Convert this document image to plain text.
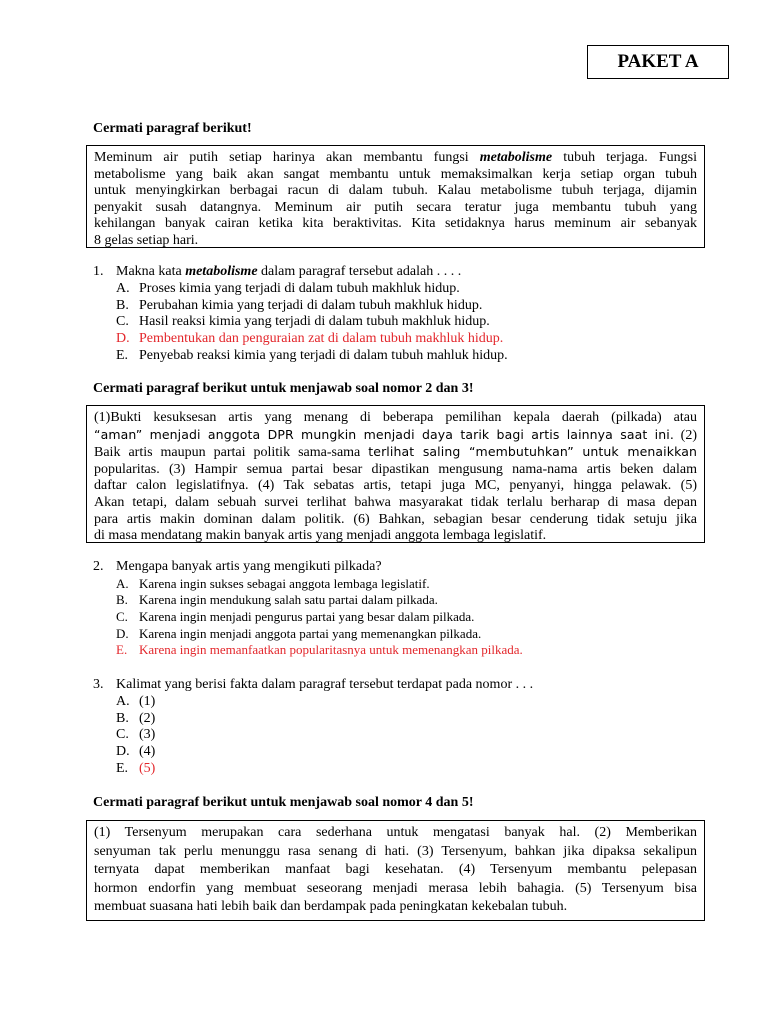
PAKET A
Cermati paragraf berikut!
Meminum air putih setiap harinya akan membantu fungsi metabolisme tubuh terjaga. Fungsi
metabolisme yang baik akan sangat membantu untuk memaksimalkan kerja setiap organ tubuh
untuk menyingkirkan berbagai racun di dalam tubuh. Kalau metabolisme tubuh terjaga, dijamin
penyakit susah datangnya. Meminum air putih secara teratur juga membantu tubuh yang
kehilangan banyak cairan ketika kita beraktivitas. Kita setidaknya harus meminum air sebanyak
8 gelas setiap hari.
1. Makna kata metabolisme dalam paragraf tersebut adalah . . . .
A. Proses kimia yang terjadi di dalam tubuh makhluk hidup.
B. Perubahan kimia yang terjadi di dalam tubuh makhluk hidup.
C. Hasil reaksi kimia yang terjadi di dalam tubuh makhluk hidup.
D. Pembentukan dan penguraian zat di dalam tubuh makhluk hidup.
E. Penyebab reaksi kimia yang terjadi di dalam tubuh mahluk hidup.
Cermati paragraf berikut untuk menjawab soal nomor 2 dan 3!
(1)Bukti kesuksesan artis yang menang di beberapa pemilihan kepala daerah (pilkada) atau
“aman” menjadi anggota DPR mungkin menjadi daya tarik bagi artis lainnya saat ini. (2)
Baik artis maupun partai politik sama-sama terlihat saling “membutuhkan” untuk menaikkan
popularitas. (3) Hampir semua partai besar dipastikan mengusung nama-nama artis beken dalam
daftar calon legislatifnya. (4) Tak sebatas artis, tetapi juga MC, penyanyi, hingga pelawak. (5)
Akan tetapi, dalam sebuah survei terlihat bahwa masyarakat tidak terlalu berharap di masa depan
para artis makin dominan dalam politik. (6) Bahkan, sebagian besar cenderung tidak setuju jika
di masa mendatang makin banyak artis yang menjadi anggota lembaga legislatif.
2. Mengapa banyak artis yang mengikuti pilkada?
A. Karena ingin sukses sebagai anggota lembaga legislatif.
B. Karena ingin mendukung salah satu partai dalam pilkada.
C. Karena ingin menjadi pengurus partai yang besar dalam pilkada.
D. Karena ingin menjadi anggota partai yang memenangkan pilkada.
E. Karena ingin memanfaatkan popularitasnya untuk memenangkan pilkada.
3. Kalimat yang berisi fakta dalam paragraf tersebut terdapat pada nomor . . .
A. (1)
B. (2)
C. (3)
D. (4)
E. (5)
Cermati paragraf berikut untuk menjawab soal nomor 4 dan 5!
(1) Tersenyum merupakan cara sederhana untuk mengatasi banyak hal. (2) Memberikan
senyuman tak perlu menunggu rasa senang di hati. (3) Tersenyum, bahkan jika dipaksa sekalipun
ternyata dapat memberikan manfaat bagi kesehatan. (4) Tersenyum membantu pelepasan
hormon endorfin yang membuat seseorang menjadi merasa lebih bahagia. (5) Tersenyum bisa
membuat suasana hati lebih baik dan berdampak pada peningkatan kekebalan tubuh.
